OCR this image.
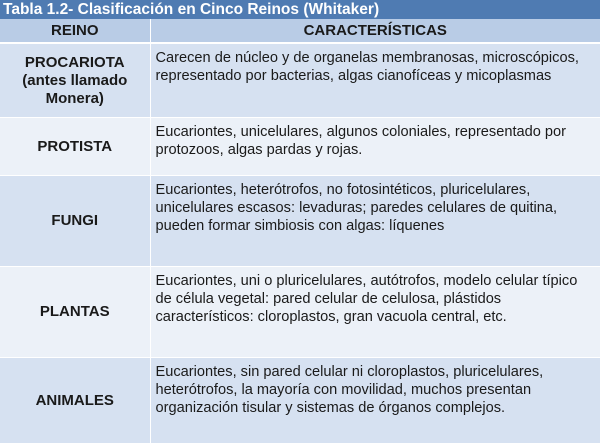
Tabla 1.2- Clasificación en Cinco Reinos (Whitaker)
REINO	CARACTERÍSTICAS
PROCARIOTA (antes llamado Monera)	Carecen de núcleo y de organelas membranosas, microscópicos, representado por bacterias, algas cianofíceas y micoplasmas
PROTISTA	Eucariontes, unicelulares, algunos coloniales, representado por protozoos, algas pardas y rojas.
FUNGI	Eucariontes, heterótrofos, no fotosintéticos, pluricelulares, unicelulares escasos: levaduras; paredes celulares de quitina, pueden formar simbiosis con algas: líquenes
PLANTAS	Eucariontes, uni o pluricelulares, autótrofos, modelo celular típico de célula vegetal: pared celular de celulosa, plástidos característicos: cloroplastos, gran vacuola central, etc.
ANIMALES	Eucariontes, sin pared celular ni cloroplastos, pluricelulares, heterótrofos, la mayoría con movilidad, muchos presentan organización tisular y sistemas de órganos complejos.
